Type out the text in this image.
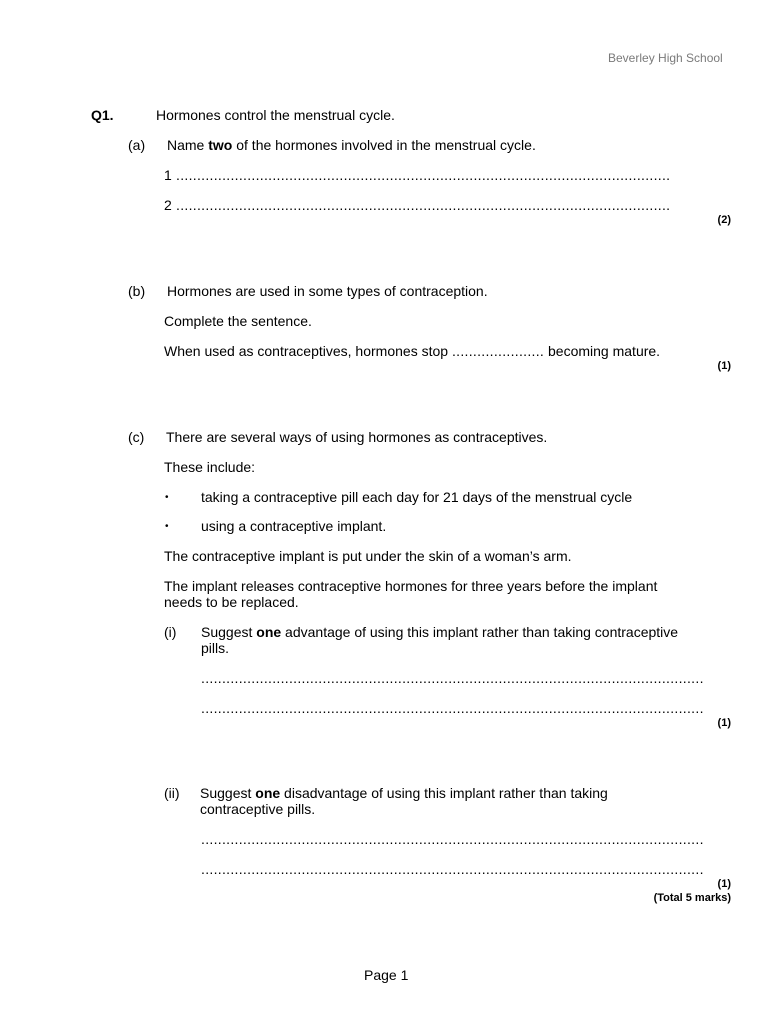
Beverley High School
Q1.	Hormones control the menstrual cycle.
(a) Name two of the hormones involved in the menstrual cycle.
1 ......................................................................................................................
2 ......................................................................................................................
(2)
(b) Hormones are used in some types of contraception.
Complete the sentence.
When used as contraceptives, hormones stop ...................... becoming mature.
(1)
(c) There are several ways of using hormones as contraceptives.
These include:
• taking a contraceptive pill each day for 21 days of the menstrual cycle
• using a contraceptive implant.
The contraceptive implant is put under the skin of a woman’s arm.
The implant releases contraceptive hormones for three years before the implant needs to be replaced.
(i) Suggest one advantage of using this implant rather than taking contraceptive pills.
........................................................................................................................
........................................................................................................................
(1)
(ii) Suggest one disadvantage of using this implant rather than taking contraceptive pills.
........................................................................................................................
........................................................................................................................
(1)
(Total 5 marks)
Page 1
